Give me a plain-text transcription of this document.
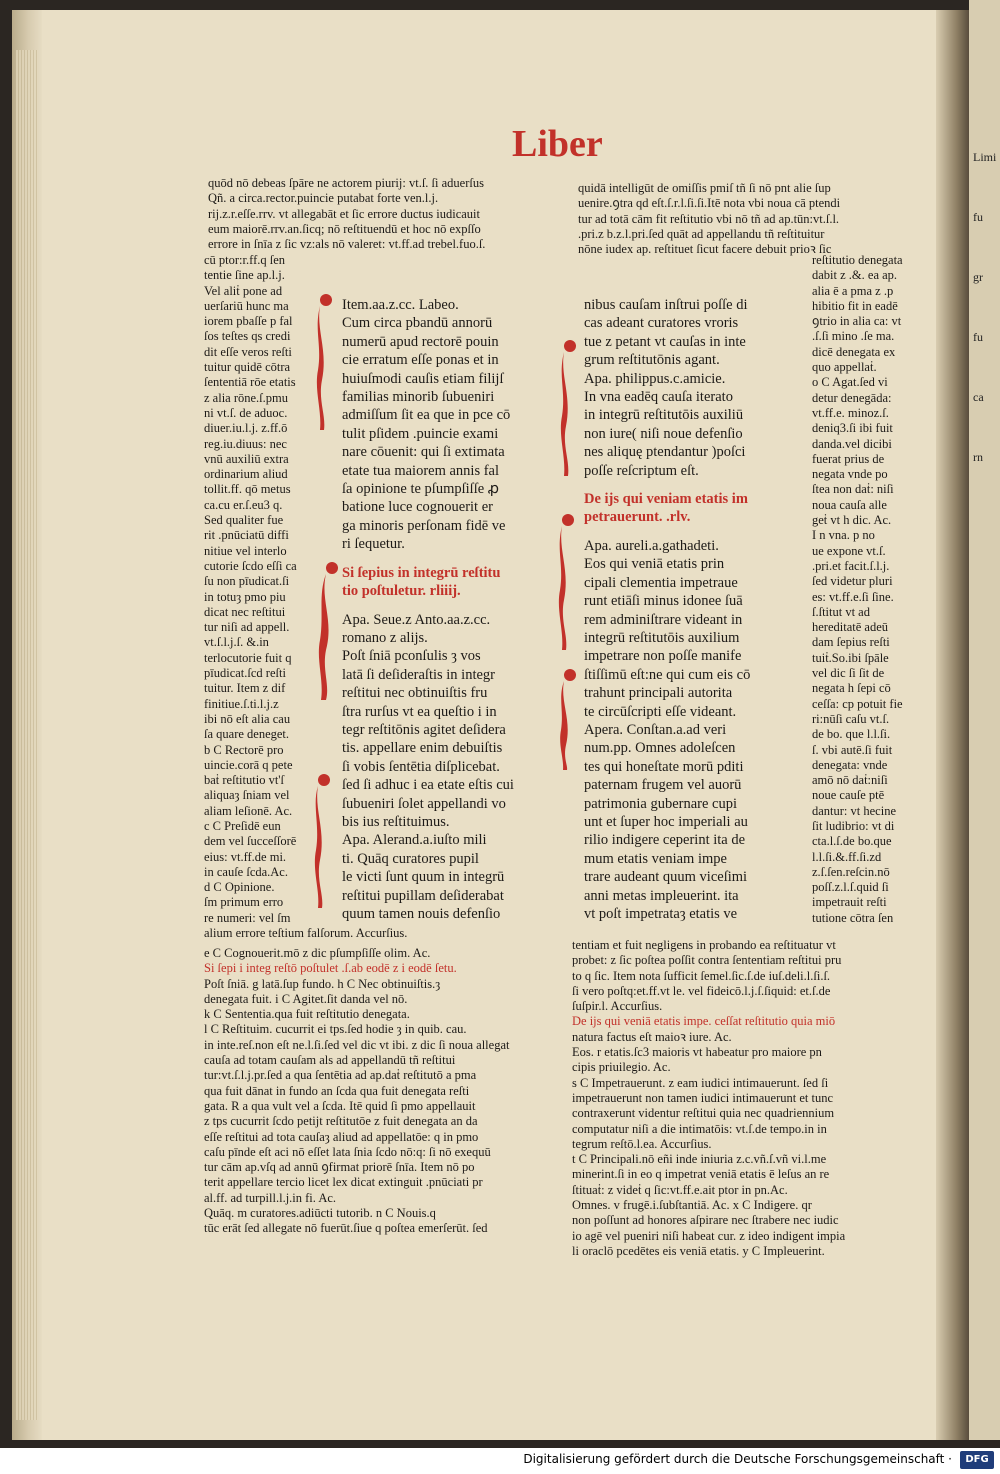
Liber
quōd nō debeas ſpāre ne actorem piurij: vt.ſ. ſi aduerſus
Qñ. a circa.rector.puincie putabat forte ven.l.j.
rij.z.r.eſſe.rrv. vt allegabāt et ſic errore ductus iudicauit
eum maiorē.rrv.an.ſicq; nō reſtituendū et hoc nō expſſo
errore in ſnīa z ſic vz:als nō valeret: vt.ff.ad trebel.fuo.ſ.
cū ptor:r.ff.q ſen
tentie ſine ap.l.j.
Vel aliṫ pone ad
uerſariū hunc ma
iorem pbaſſe p fal
ſos teſtes qs credi
dit eſſe veros reſti
tuitur quidē cōtra
ſententiā rōe etatis
z alia rōne.ſ.pmu
ni vt.ſ. de aduoc.
diuer.iu.l.j. z.ff.ō
reg.iu.diuus: nec
vnū auxiliū extra
ordinarium aliud
tollit.ff. qō metus
ca.cu er.ſ.eu3 q.
Sed qualiter fue
rit .pnūciatū diffi
nitiue vel interlo
cutorie ſcdo eſſi ca
ſu non pīudicat.ſi
in totuȝ pmo piu
dicat nec reſtitui
tur niſi ad appell.
vt.ſ.l.j.ſ. &.in
terlocutorie fuit q
pīudicat.ſcd reſti
tuitur. Item z dif
finitiue.ſ.ti.l.j.z
ibi nō eſt alia cau
ſa quare deneget.
b C Rectorē pro
uincie.corā q pete
baṫ reſtitutio vt'ſ
aliquaȝ ſniam vel
aliam leſionē. Ac.
c C Preſidē eun
dem vel ſucceſſorē
eius: vt.ff.de mi.
in cauſe ſcda.Ac.
d C Opinione.
ſm primum erro
re numeri: vel ſm
alium errore teſtium falſorum. Accurſius.
Item.aa.z.cc. Labeo.
Cum circa pbandū annorū
numerū apud rectorē pouin
cie erratum eſſe ponas et in
huiuſmodi cauſis etiam filijſ
familias minorib ſubueniri
admiſſum ſit ea que in pce cō
tulit pſidem .puincie exami
nare cōuenit: qui ſi extimata
etate tua maiorem annis fal
ſa opinione te pſumpſiſſe ꝓ
batione luce cognouerit er
ga minoris perſonam fidē ve
ri ſequetur.
Si ſepius in integrū reſtitu
tio poſtuletur. rliiij.
Apa. Seue.z Anto.aa.z.cc.
romano z alijs.
Poſt ſniā pconſulis ȝ vos
latā ſi deſideraſtis in integr
reſtitui nec obtinuiſtis fru
ſtra rurſus vt ea queſtio i in
tegr reſtitōnis agitet deſidera
tis. appellare enim debuiſtis
ſi vobis ſentētia diſplicebat.
ſed ſi adhuc i ea etate eſtis cui
ſubueniri ſolet appellandi vo
bis ius reſtituimus.
Apa. Alerand.a.iuſto mili
ti. Quāq curatores pupil
le victi ſunt quum in integrū
reſtitui pupillam deſiderabat
quum tamen nouis defenſio
quidā intelligūt de omiſſis pmiſ tñ ſi nō pnt alie ſup
uenire.ꝯtra qd eſt.ſ.r.l.ſi.ſi.Itē nota vbi noua cā ptendi
tur ad totā cām fit reſtitutio vbi nō tñ ad ap.tūn:vt.ſ.l.
.pri.z b.z.l.pri.ſed quāt ad appellandu tñ reſtituitur
nōne iudex ap. reſtituet ſicut facere debuit prioꝛ ſic
nibus cauſam inſtrui poſſe di
cas adeant curatores vroris
tue z petant vt cauſas in inte
grum reſtitutōnis agant.
Apa. philippus.c.amicie.
In vna eadēq cauſa iterato
in integrū reſtitutōis auxiliū
non iure( niſi noue defenſio
nes aliquę ptendantur )poſci
poſſe reſcriptum eſt.
De ijs qui veniam etatis im
petrauerunt. .rlv.
Apa. aureli.a.gathadeti.
Eos qui veniā etatis prin
cipali clementia impetraue
runt etiāſi minus idonee ſuā
rem adminiſtrare videant in
integrū reſtitutōis auxilium
impetrare non poſſe manife
ſtiſſimū eſt:ne qui cum eis cō
trahunt principali autorita
te circūſcripti eſſe videant.
Apera. Conſtan.a.ad veri
num.pp. Omnes adoleſcen
tes qui honeſtate morū pditi
paternam frugem vel auorū
patrimonia gubernare cupi
unt et ſuper hoc imperiali au
rilio indigere ceperint ita de
mum etatis veniam impe
trare audeant quum viceſimi
anni metas impleuerint. ita
vt poſt impetrataȝ etatis ve
reſtitutio denegata
dabit z .&. ea ap.
alia ē a pma z .p
hibitio fit in eadē
ꝯtrio in alia ca: vt
.ſ.ſi mino .ſe ma.
dicē denegata ex
quo appellaṫ.
o C Agat.ſed vi
detur denegāda:
vt.ff.e. minoz.ſ.
deniq3.ſi ibi fuit
danda.vel dicibi
fuerat prius de
negata vnde po
ſtea non daṫ: niſi
noua cauſa alle
geṫ vt h dic. Ac.
I n vna. p no
ue expone vt.ſ.
.pri.et facit.ſ.l.j.
ſed videtur pluri
es: vt.ff.e.ſi ſine.
ſ.ſtitut vt ad
hereditatē adeū
dam ſepius reſti
tuiṫ.So.ibi ſpāle
vel dic ſi ſit de
negata h ſepi cō
ceſſa: cp potuit fie
ri:nūſi caſu vt.ſ.
de bo. que l.l.ſi.
ſ. vbi autē.ſi fuit
denegata: vnde
amō nō daṫ:niſi
noue cauſe ptē
dantur: vt hecine
ſit ludibrio: vt di
cta.l.ſ.de bo.que
l.l.ſi.&.ff.ſi.zd
z.ſ.ſen.reſcin.nō
poſſ.z.l.ſ.quid ſi
impetrauit reſti
tutione cōtra ſen
e C Cognouerit.mō z dic pſumpſiſſe olim. Ac.
Si ſepi i integ reſtō poſtulet .ſ.ab eodē z i eodē ſetu.
Poſt ſniā. g latā.ſup fundo. h C Nec obtinuiſtis.ȝ
denegata fuit. i C Agitet.ſit danda vel nō.
k C Sententia.qua fuit reſtitutio denegata.
l C Reſtituim. cucurrit ei tps.ſed hodie ȝ in quib. cau.
in inte.reſ.non eſt ne.l.ſi.ſed vel dic vt ibi. z dic ſi noua allegat
cauſa ad totam cauſam als ad appellandū tñ reſtitui
tur:vt.ſ.l.j.pr.ſed a qua ſentētia ad ap.daṫ reſtitutō a pma
qua fuit dānat in fundo an ſcda qua fuit denegata reſti
gata. R a qua vult vel a ſcda. Itē quid ſi pmo appellauit
z tps cucurrit ſcdo petijt reſtitutōe z fuit denegata an da
eſſe reſtitui ad tota cauſaȝ aliud ad appellatōe: q in pmo
caſu pīnde eſt aci nō eſſet lata ſnia ſcdo nō:q: ſi nō exequū
tur cām ap.vſq ad annū ꝯfirmat priorē ſnīa. Item nō po
terit appellare tercio licet lex dicat extinguit .pnūciati pr
al.ff. ad turpill.l.j.in fi. Ac.
Quāq. m curatores.adiūcti tutorib. n C Nouis.q
tūc erāt ſed allegate nō fuerūt.ſiue q poſtea emerſerūt. ſed
tentiam et fuit negligens in probando ea reſtituatur vt
probet: z ſic poſtea poſſit contra ſententiam reſtitui pru
to q ſic. Item nota ſufficit ſemel.ſic.ſ.de iuſ.deli.l.ſi.ſ.
ſi vero poſtq:et.ff.vt le. vel fideicō.l.j.ſ.ſiquid: et.ſ.de
ſuſpir.l. Accurſius.
De ijs qui veniā etatis impe. ceſſat reſtitutio quia miō
natura factus eſt maioꝛ iure. Ac.
Eos. r etatis.ſc3 maioris vt habeatur pro maiore pn
cipis priuilegio. Ac.
s C Impetrauerunt. z eam iudici intimauerunt. ſed ſi
impetrauerunt non tamen iudici intimauerunt et tunc
contraxerunt videntur reſtitui quia nec quadriennium
computatur niſi a die intimatōis: vt.ſ.de tempo.in in
tegrum reſtō.l.ea. Accurſius.
t C Principali.nō eñi inde iniuria z.c.vñ.ſ.vñ vi.l.me
minerint.ſi in eo q impetrat veniā etatis ē leſus an re
ſtituaṫ: z videṫ q ſic:vt.ff.e.ait ptor in pn.Ac.
Omnes. v frugē.i.ſubſtantiā. Ac. x C Indigere. qr
non poſſunt ad honores aſpirare nec ſtrabere nec iudic
io agē vel pueniri niſi habeat cur. z ideo indigent impia
li oraclō pcedētes eis veniā etatis. y C Impleuerint.
Limi
fu
gr
fu
ca
rn
Digitalisierung gefördert durch die Deutsche Forschungsgemeinschaft ·	DFG
